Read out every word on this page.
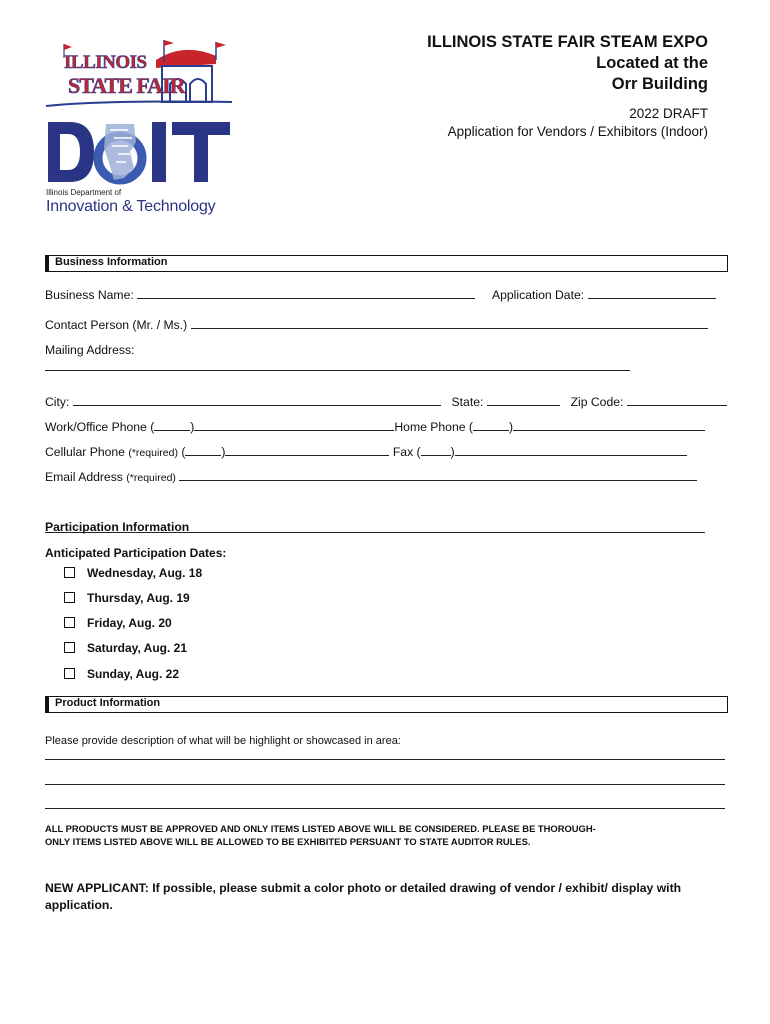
ILLINOIS
STATE FAIR
Illinois Department of
Innovation & Technology
ILLINOIS STATE FAIR STEAM EXPO
Located at the
Orr Building
2022 DRAFT
Application for Vendors / Exhibitors (Indoor)
Business Information
Business Name:	Application Date:
Contact Person (Mr. / Ms.)
Mailing Address:
City:	State:	Zip Code:
Work/Office Phone (	)	Home Phone (	)
Cellular Phone (*required) (	)	Fax ( )
Email Address (*required)
Participation Information
Anticipated Participation Dates:
Wednesday, Aug. 18
Thursday, Aug. 19
Friday, Aug. 20
Saturday, Aug. 21
Sunday, Aug. 22
Product Information
Please provide description of what will be highlight or showcased in area:
ALL PRODUCTS MUST BE APPROVED AND ONLY ITEMS LISTED ABOVE WILL BE CONSIDERED. PLEASE BE THOROUGH-
ONLY ITEMS LISTED ABOVE WILL BE ALLOWED TO BE EXHIBITED PERSUANT TO STATE AUDITOR RULES.
NEW APPLICANT: If possible, please submit a color photo or detailed drawing of vendor / exhibit/ display with application.
